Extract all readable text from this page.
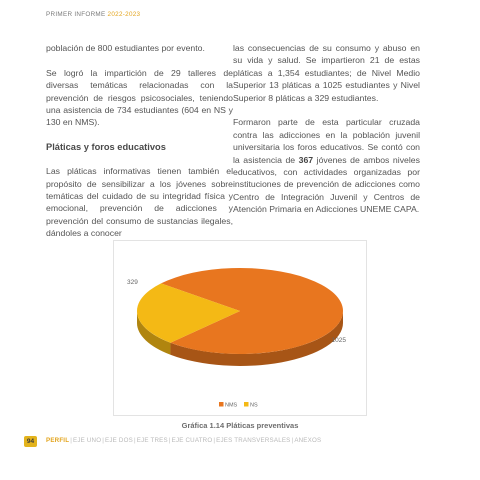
PRIMER INFORME 2022-2023

población de 800 estudiantes por evento.

Se logró la impartición de 29 talleres de diversas temáticas relacionadas con la prevención de riesgos psicosociales, teniendo una asistencia de 734 estudiantes (604 en NS y 130 en NMS).

Pláticas y foros educativos

Las pláticas informativas tienen también el propósito de sensibilizar a los jóvenes sobre temáticas del cuidado de su integridad física y emocional, prevención de adicciones y prevención del consumo de sustancias ilegales, dándoles a conocer

las consecuencias de su consumo y abuso en su vida y salud. Se impartieron 21 de estas pláticas a 1,354 estudiantes; de Nivel Medio Superior 13 pláticas a 1025 estudiantes y Nivel Superior 8 pláticas a 329 estudiantes.

Formaron parte de esta particular cruzada contra las adicciones en la población juvenil universitaria los foros educativos. Se contó con la asistencia de 367 jóvenes de ambos niveles educativos, con actividades organizadas por instituciones de prevención de adicciones como Centro de Integración Juvenil y Centros de Atención Primaria en Adicciones UNEME CAPA.

1025
329
NMS NS
Gráfica 1.14 Pláticas preventivas
94	PERFIL|EJE UNO|EJE DOS|EJE TRES|EJE CUATRO|EJES TRANSVERSALES|ANEXOS
